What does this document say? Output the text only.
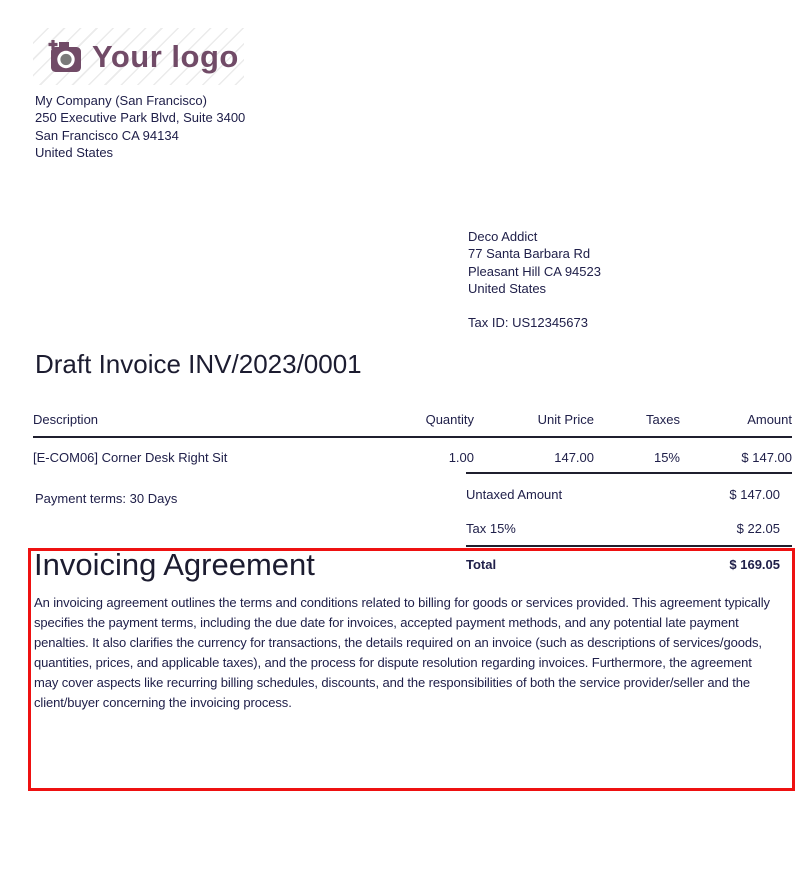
Your logo
My Company (San Francisco)
250 Executive Park Blvd, Suite 3400
San Francisco CA 94134
United States
Deco Addict
77 Santa Barbara Rd
Pleasant Hill CA 94523
United States
Tax ID: US12345673
Draft Invoice INV/2023/0001
Description	Quantity	Unit Price	Taxes	Amount
[E-COM06] Corner Desk Right Sit	1.00	147.00	15%	$ 147.00
Payment terms: 30 Days	Untaxed Amount	$ 147.00
Tax 15%	$ 22.05
Total	$ 169.05
Invoicing Agreement
An invoicing agreement outlines the terms and conditions related to billing for goods or services provided. This agreement typically specifies the payment terms, including the due date for invoices, accepted payment methods, and any potential late payment penalties. It also clarifies the currency for transactions, the details required on an invoice (such as descriptions of services/goods, quantities, prices, and applicable taxes), and the process for dispute resolution regarding invoices. Furthermore, the agreement may cover aspects like recurring billing schedules, discounts, and the responsibilities of both the service provider/seller and the client/buyer concerning the invoicing process.
